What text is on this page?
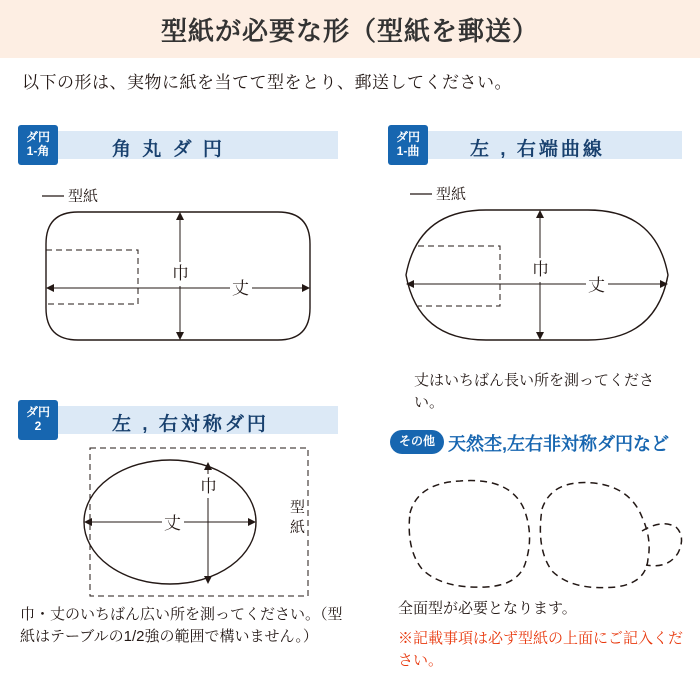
型紙が必要な形（型紙を郵送）
以下の形は、実物に紙を当てて型をとり、郵送してください。
ダ円
1-角	角 丸 ダ 円
型紙
巾
丈
ダ円
1-曲	左 , 右端曲線
型紙
巾
丈
丈はいちばん長い所を測ってください。
ダ円
2	左 , 右対称ダ円
型
紙
巾
丈
巾・丈のいちばん広い所を測ってください。（型紙はテーブルの1/2強の範囲で構いません。）
その他 天然杢,左右非対称ダ円など
全面型が必要となります。
※記載事項は必ず型紙の上面にご記入ください。
